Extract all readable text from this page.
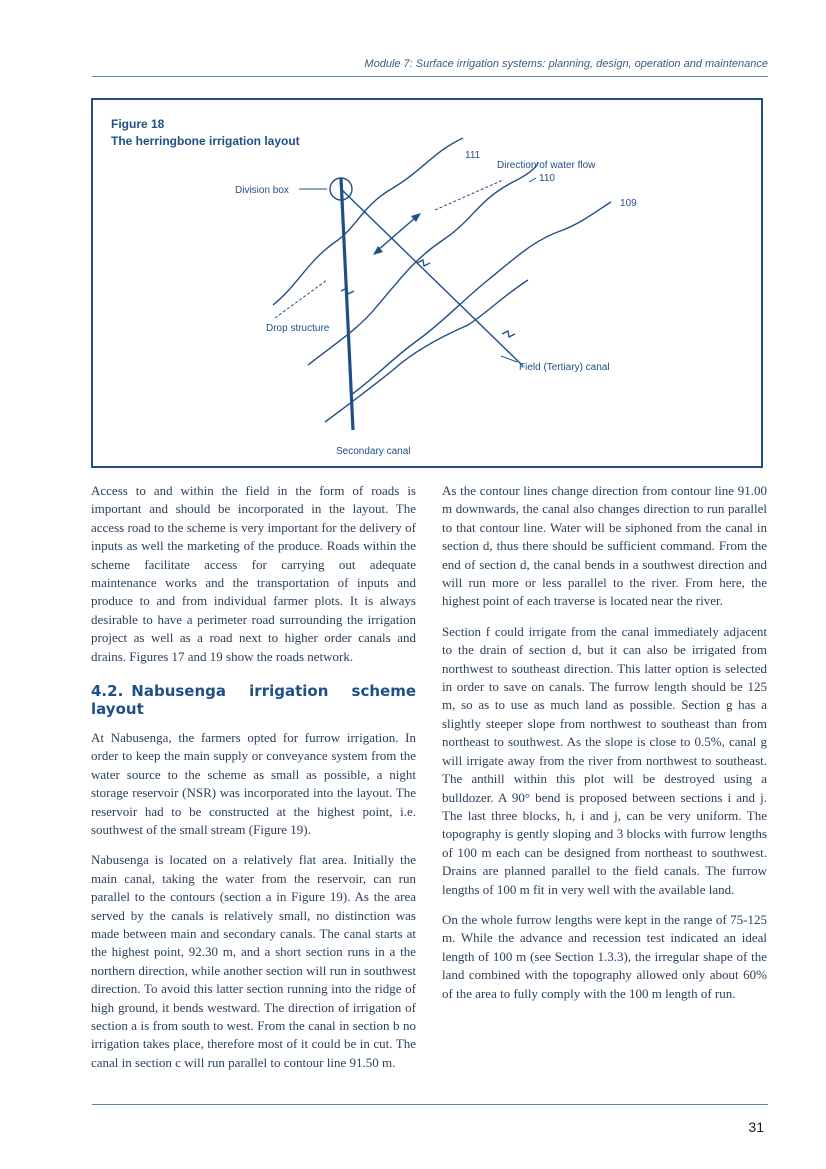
Module 7: Surface irrigation systems: planning, design, operation and maintenance
111
Direction of water flow
110
109
Division box
Drop structure
Field (Tertiary) canal
Secondary canal
Figure 18
The herringbone irrigation layout

Access to and within the field in the form of roads is important and should be incorporated in the layout. The access road to the scheme is very important for the delivery of inputs as well the marketing of the produce. Roads within the scheme facilitate access for carrying out adequate maintenance works and the transportation of inputs and produce to and from individual farmer plots. It is always desirable to have a perimeter road surrounding the irrigation project as well as a road next to higher order canals and drains. Figures 17 and 19 show the roads network.

4.2. Nabusenga irrigation scheme layout

At Nabusenga, the farmers opted for furrow irrigation. In order to keep the main supply or conveyance system from the water source to the scheme as small as possible, a night storage reservoir (NSR) was incorporated into the layout. The reservoir had to be constructed at the highest point, i.e. southwest of the small stream (Figure 19).

Nabusenga is located on a relatively flat area. Initially the main canal, taking the water from the reservoir, can run parallel to the contours (section a in Figure 19). As the area served by the canals is relatively small, no distinction was made between main and secondary canals. The canal starts at the highest point, 92.30 m, and a short section runs in a the northern direction, while another section will run in southwest direction. To avoid this latter section running into the ridge of high ground, it bends westward. The direction of irrigation of section a is from south to west. From the canal in section b no irrigation takes place, therefore most of it could be in cut. The canal in section c will run parallel to contour line 91.50 m.

As the contour lines change direction from contour line 91.00 m downwards, the canal also changes direction to run parallel to that contour line. Water will be siphoned from the canal in section d, thus there should be sufficient command. From the end of section d, the canal bends in a southwest direction and will run more or less parallel to the river. From here, the highest point of each traverse is located near the river.

Section f could irrigate from the canal immediately adjacent to the drain of section d, but it can also be irrigated from northwest to southeast direction. This latter option is selected in order to save on canals. The furrow length should be 125 m, so as to use as much land as possible. Section g has a slightly steeper slope from northwest to southeast than from northeast to southwest. As the slope is close to 0.5%, canal g will irrigate away from the river from northwest to southeast. The anthill within this plot will be destroyed using a bulldozer. A 90° bend is proposed between sections i and j. The last three blocks, h, i and j, can be very uniform. The topography is gently sloping and 3 blocks with furrow lengths of 100 m each can be designed from northeast to southwest. Drains are planned parallel to the field canals. The furrow lengths of 100 m fit in very well with the available land.

On the whole furrow lengths were kept in the range of 75-125 m. While the advance and recession test indicated an ideal length of 100 m (see Section 1.3.3), the irregular shape of the land combined with the topography allowed only about 60% of the area to fully comply with the 100 m length of run.

31
